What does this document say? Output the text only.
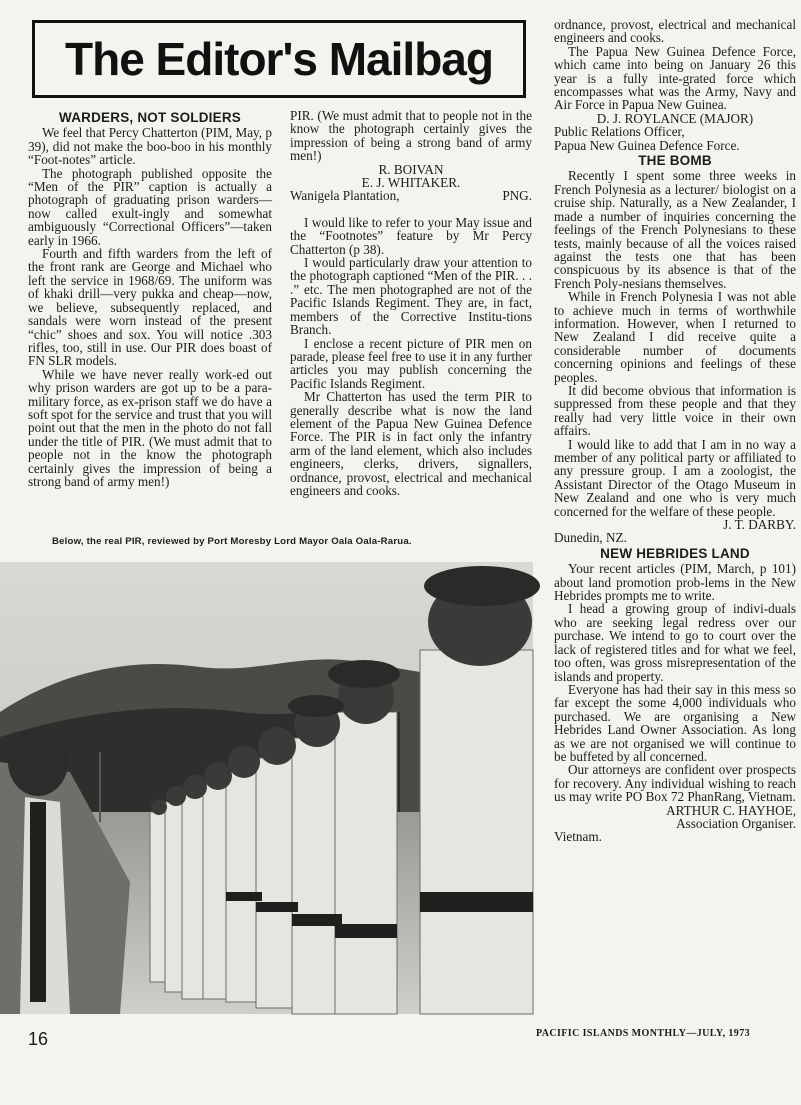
The Editor's Mailbag
WARDERS, NOT SOLDIERS

We feel that Percy Chatterton (PIM, May, p 39), did not make the boo-boo in his monthly “Foot-notes” article.

The photograph published opposite the “Men of the PIR” caption is actually a photograph of graduating prison warders—now called exult-ingly and somewhat ambiguously “Correctional Officers”—taken early in 1966.

Fourth and fifth warders from the left of the front rank are George and Michael who left the service in 1968/69. The uniform was of khaki drill—very pukka and cheap—now, we believe, subsequently replaced, and sandals were worn instead of the present “chic” shoes and sox. You will notice .303 rifles, too, still in use. Our PIR does boast of FN SLR models.

While we have never really work-ed out why prison warders are got up to be a para-military force, as ex-prison staff we do have a soft spot for the service and trust that you will point out that the men in the photo do not fall under the title of PIR. (We must admit that to people not in the know the photograph certainly gives the impression of being a strong band of army men!)

PIR. (We must admit that to people not in the know the photograph certainly gives the impression of being a strong band of army men!)

R. BOIVAN

E. J. WHITAKER.

Wanigela Plantation,	PNG.

I would like to refer to your May issue and the “Footnotes” feature by Mr Percy Chatterton (p 38).

I would particularly draw your attention to the photograph captioned “Men of the PIR. . . .” etc. The men photographed are not of the Pacific Islands Regiment. They are, in fact, members of the Corrective Institu-tions Branch.

I enclose a recent picture of PIR men on parade, please feel free to use it in any further articles you may publish concerning the Pacific Islands Regiment.

Mr Chatterton has used the term PIR to generally describe what is now the land element of the Papua New Guinea Defence Force. The PIR is in fact only the infantry arm of the land element, which also includes engineers, clerks, drivers, signallers, ordnance, provost, electrical and mechanical engineers and cooks.

Below, the real PIR, reviewed by Port Moresby Lord Mayor Oala Oala-Rarua.

ordnance, provost, electrical and mechanical engineers and cooks.

The Papua New Guinea Defence Force, which came into being on January 26 this year is a fully inte-grated force which encompasses what was the Army, Navy and Air Force in Papua New Guinea.

D. J. ROYLANCE (MAJOR)

Public Relations Officer,

Papua New Guinea Defence Force.

THE BOMB

Recently I spent some three weeks in French Polynesia as a lecturer/ biologist on a cruise ship. Naturally, as a New Zealander, I made a number of inquiries concerning the feelings of the French Polynesians to these tests, mainly because of all the voices raised against the tests one that has been conspicuous by its absence is that of the French Poly-nesians themselves.

While in French Polynesia I was not able to achieve much in terms of worthwhile information. However, when I returned to New Zealand I did receive quite a considerable number of documents concerning opinions and feelings of these peoples.

It did become obvious that information is suppressed from these people and that they really had very little voice in their own affairs.

I would like to add that I am in no way a member of any political party or affiliated to any pressure group. I am a zoologist, the Assistant Director of the Otago Museum in New Zealand and one who is very much concerned for the welfare of these people.

J. T. DARBY.

Dunedin, NZ.

NEW HEBRIDES LAND

Your recent articles (PIM, March, p 101) about land promotion prob-lems in the New Hebrides prompts me to write.

I head a growing group of indivi-duals who are seeking legal redress over our purchase. We intend to go to court over the lack of registered titles and for what we feel, too often, was gross misrepresentation of the islands and property.

Everyone has had their say in this mess so far except the some 4,000 individuals who purchased. We are organising a New Hebrides Land Owner Association. As long as we are not organised we will continue to be buffeted by all concerned.

Our attorneys are confident over prospects for recovery. Any individual wishing to reach us may write PO Box 72 PhanRang, Vietnam.

ARTHUR C. HAYHOE,

Association Organiser.

Vietnam.

16	PACIFIC ISLANDS MONTHLY—JULY, 1973
